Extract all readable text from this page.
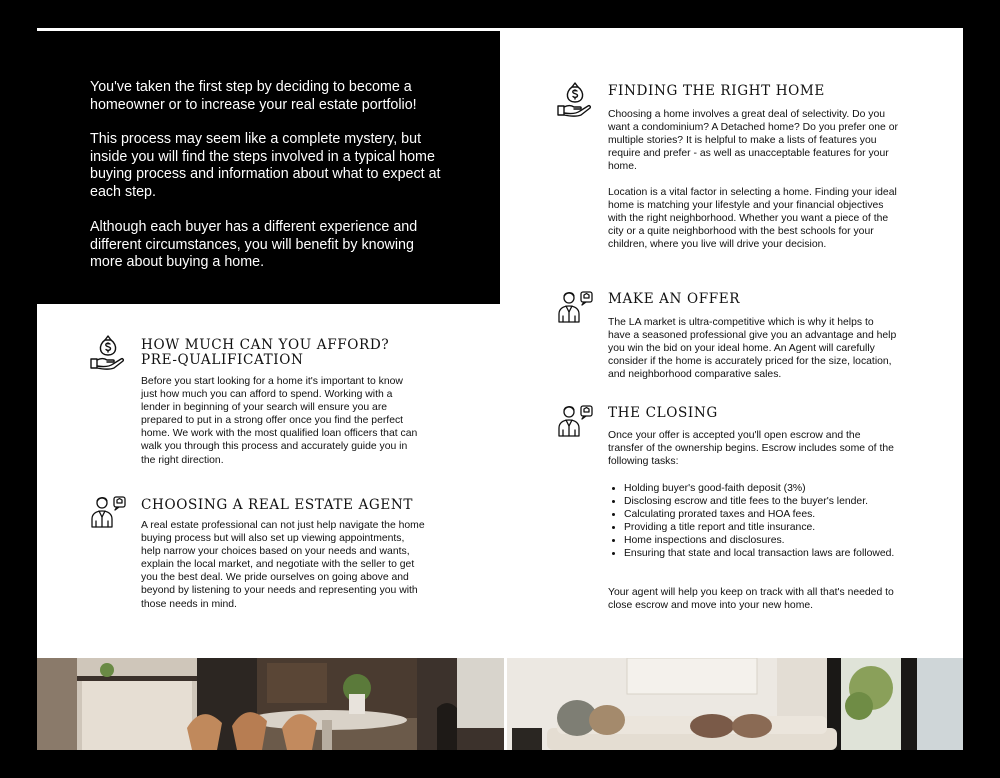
You've taken the first step by deciding to become a homeowner or to increase your real estate portfolio!

This process may seem like a complete mystery, but inside you will find the steps involved in a typical home buying process and information about what to expect at each step.

Although each buyer has a different experience and different circumstances, you will benefit by knowing more about buying a home.

HOW MUCH CAN YOU AFFORD?

PRE-QUALIFICATION

Before you start looking for a home it's important to know just how much you can afford to spend. Working with a lender in beginning of your search will ensure you are prepared to put in a strong offer once you find the perfect home. We work with the most qualified loan officers that can walk you through this process and accurately guide you in the right direction.

CHOOSING A REAL ESTATE AGENT

A real estate professional can not just help navigate the home buying process but will also set up viewing appointments, help narrow your choices based on your needs and wants, explain the local market, and negotiate with the seller to get you the best deal. We pride ourselves on going above and beyond by listening to your needs and representing you with those needs in mind.

FINDING THE RIGHT HOME

Choosing a home involves a great deal of selectivity. Do you want a condominium? A Detached home? Do you prefer one or multiple stories? It is helpful to make a lists of features you require and prefer - as well as unacceptable features for your home.

Location is a vital factor in selecting a home. Finding your ideal home is matching your lifestyle and your financial objectives with the right neighborhood. Whether you want a piece of the city or a quite neighborhood with the best schools for your children, where you live will drive your decision.

MAKE AN OFFER

The LA market is ultra-competitive which is why it helps to have a seasoned professional give you an advantage and help you win the bid on your ideal home. An Agent will carefully consider if the home is accurately priced for the size, location, and neighborhood comparative sales.

THE CLOSING

Once your offer is accepted you'll open escrow and the transfer of the ownership begins. Escrow includes some of the following tasks:

• Holding buyer's good-faith deposit (3%)
• Disclosing escrow and title fees to the buyer's lender.
• Calculating prorated taxes and HOA fees.
• Providing a title report and title insurance.
• Home inspections and disclosures.
• Ensuring that state and local transaction laws are followed.

Your agent will help you keep on track with all that's needed to close escrow and move into your new home.
